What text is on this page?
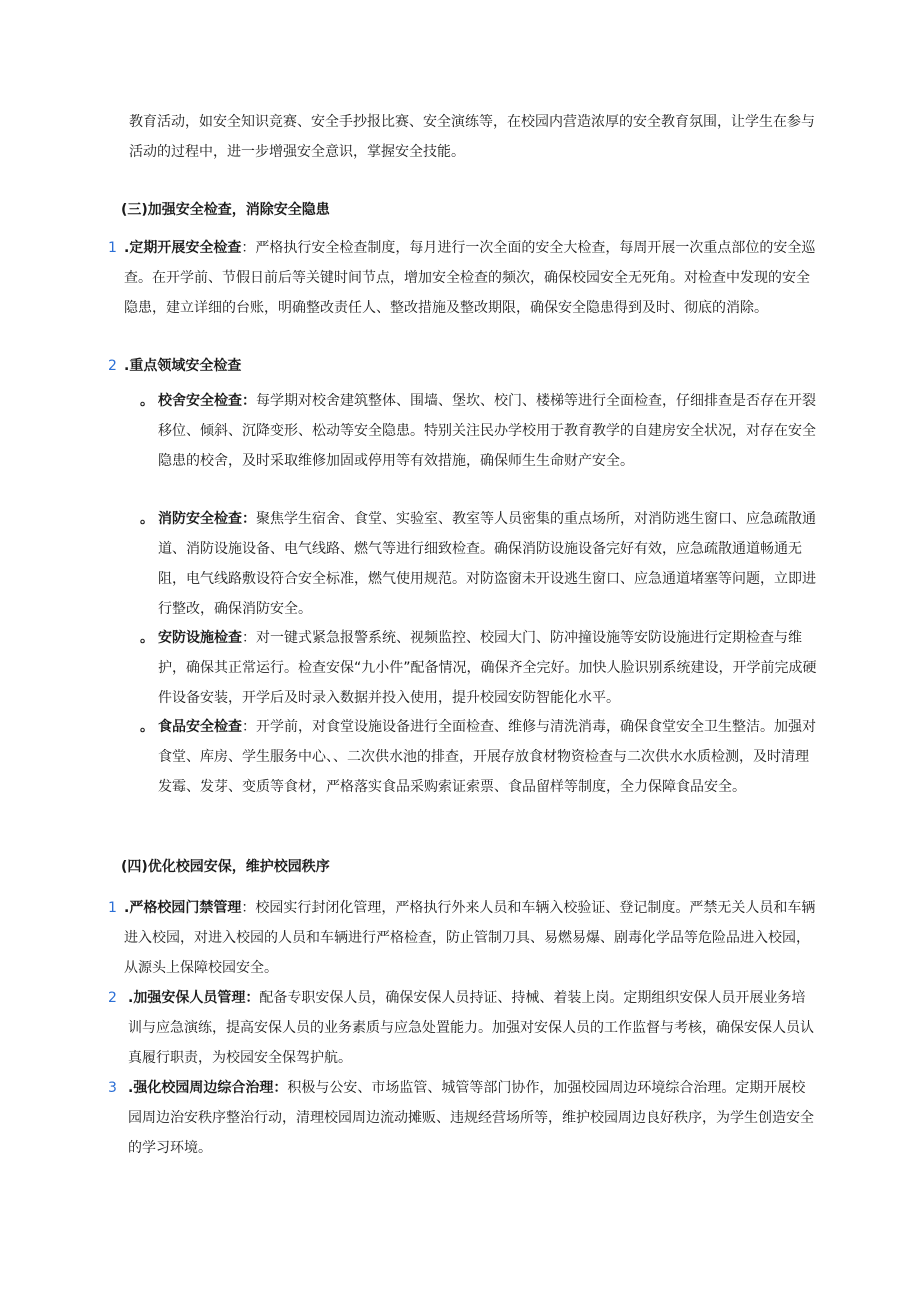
教育活动，如安全知识竞赛、安全手抄报比赛、安全演练等，在校园内营造浓厚的安全教育氛围，让学生在参与活动的过程中，进一步增强安全意识，掌握安全技能。

(三)加强安全检查，消除安全隐患
1 .定期开展安全检查：严格执行安全检查制度，每月进行一次全面的安全大检查，每周开展一次重点部位的安全巡查。在开学前、节假日前后等关键时间节点，增加安全检查的频次，确保校园安全无死角。对检查中发现的安全隐患，建立详细的台账，明确整改责任人、整改措施及整改期限，确保安全隐患得到及时、彻底的消除。

2 .重点领域安全检查

。 校舍安全检查：每学期对校舍建筑整体、围墙、堡坎、校门、楼梯等进行全面检查，仔细排查是否存在开裂移位、倾斜、沉降变形、松动等安全隐患。特别关注民办学校用于教育教学的自建房安全状况，对存在安全隐患的校舍，及时采取维修加固或停用等有效措施，确保师生生命财产安全。

。 消防安全检查：聚焦学生宿舍、食堂、实验室、教室等人员密集的重点场所，对消防逃生窗口、应急疏散通道、消防设施设备、电气线路、燃气等进行细致检查。确保消防设施设备完好有效，应急疏散通道畅通无阻，电气线路敷设符合安全标准，燃气使用规范。对防盗窗未开设逃生窗口、应急通道堵塞等问题，立即进行整改，确保消防安全。

。 安防设施检查：对一键式紧急报警系统、视频监控、校园大门、防冲撞设施等安防设施进行定期检查与维护，确保其正常运行。检查安保“九小件”配备情况，确保齐全完好。加快人脸识别系统建设，开学前完成硬件设备安装，开学后及时录入数据并投入使用，提升校园安防智能化水平。

。 食品安全检查：开学前，对食堂设施设备进行全面检查、维修与清洗消毒，确保食堂安全卫生整洁。加强对食堂、库房、学生服务中心、、二次供水池的排查，开展存放食材物资检查与二次供水水质检测，及时清理发霉、发芽、变质等食材，严格落实食品采购索证索票、食品留样等制度，全力保障食品安全。

(四)优化校园安保，维护校园秩序
1 .严格校园门禁管理：校园实行封闭化管理，严格执行外来人员和车辆入校验证、登记制度。严禁无关人员和车辆进入校园，对进入校园的人员和车辆进行严格检查，防止管制刀具、易燃易爆、剧毒化学品等危险品进入校园，从源头上保障校园安全。

2 .加强安保人员管理：配备专职安保人员，确保安保人员持证、持械、着装上岗。定期组织安保人员开展业务培训与应急演练，提高安保人员的业务素质与应急处置能力。加强对安保人员的工作监督与考核，确保安保人员认真履行职责，为校园安全保驾护航。

3 .强化校园周边综合治理：积极与公安、市场监管、城管等部门协作，加强校园周边环境综合治理。定期开展校园周边治安秩序整治行动，清理校园周边流动摊贩、违规经营场所等，维护校园周边良好秩序，为学生创造安全的学习环境。
